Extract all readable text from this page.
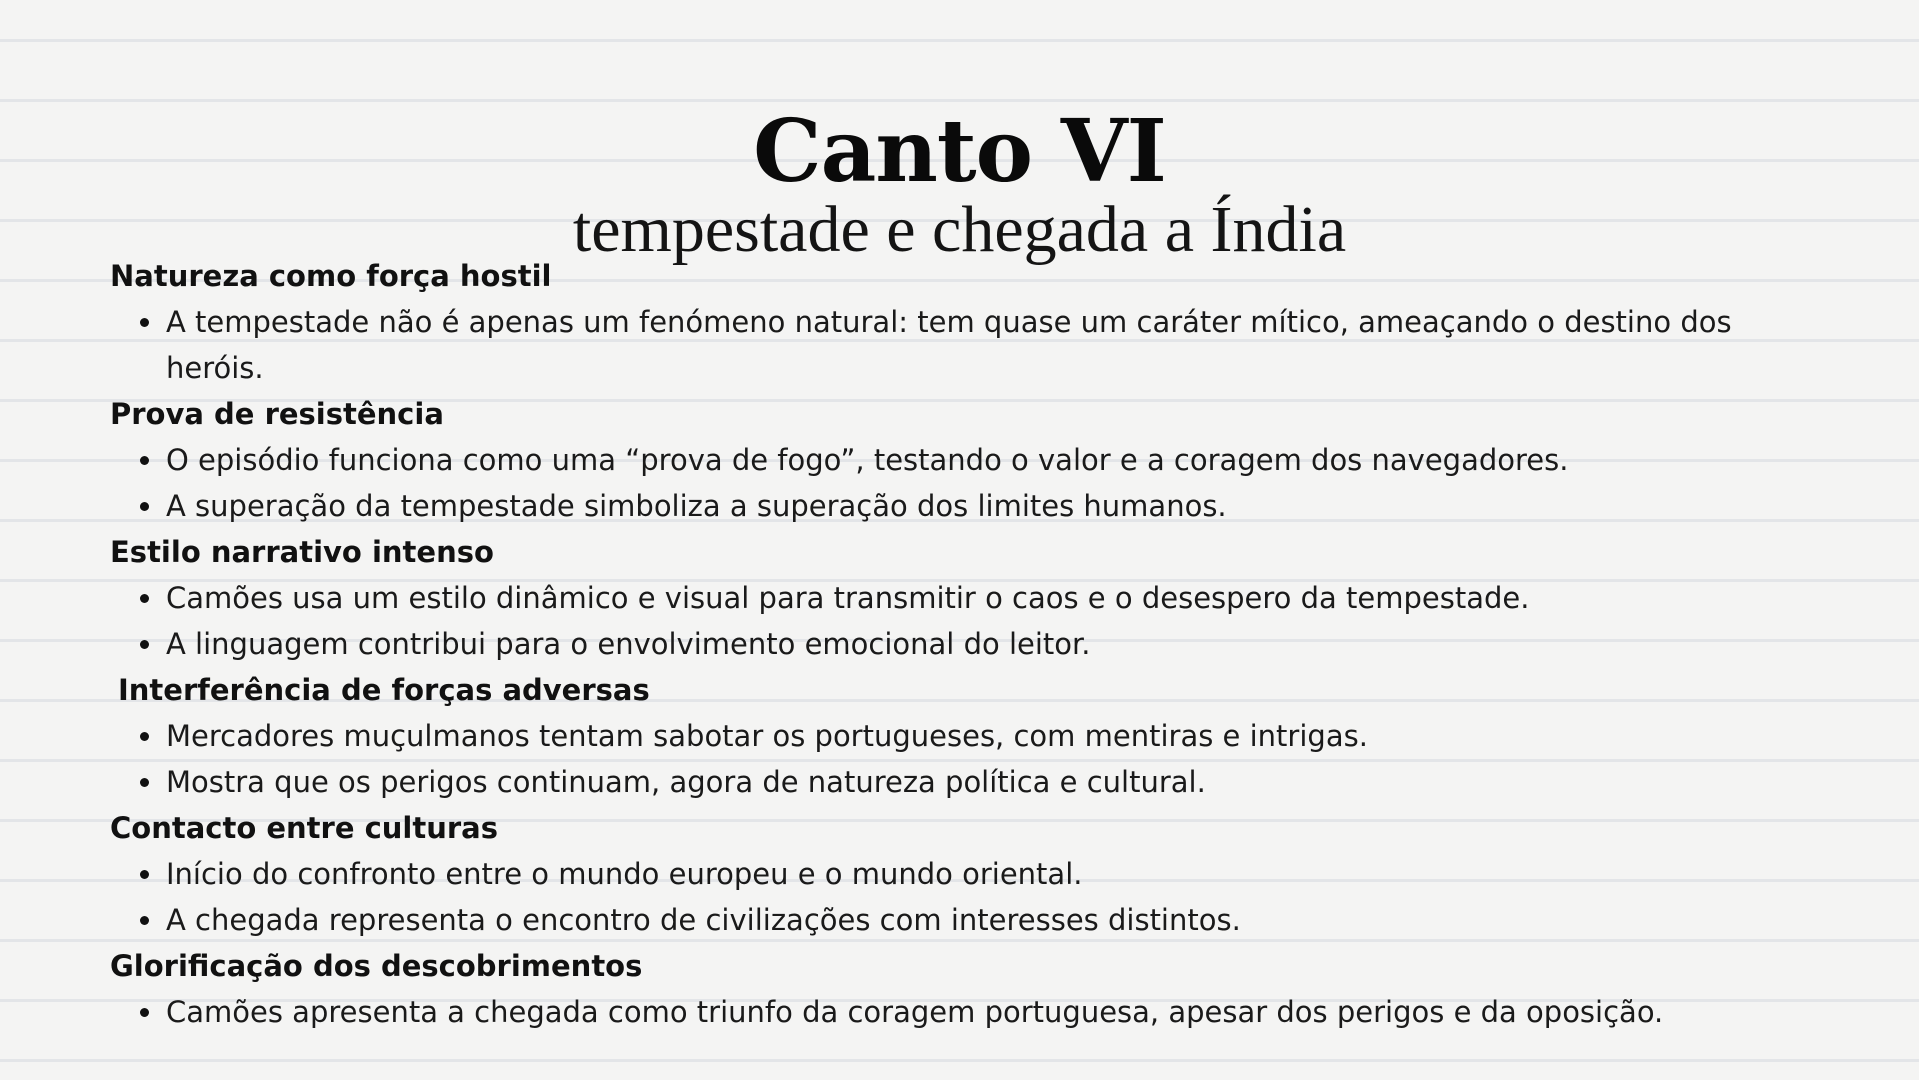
Canto VI
tempestade e chegada a Índia

Natureza como força hostil

A tempestade não é apenas um fenómeno natural: tem quase um caráter mítico, ameaçando o destino dos heróis.

Prova de resistência

O episódio funciona como uma “prova de fogo”, testando o valor e a coragem dos navegadores.
A superação da tempestade simboliza a superação dos limites humanos.

Estilo narrativo intenso

Camões usa um estilo dinâmico e visual para transmitir o caos e o desespero da tempestade.
A linguagem contribui para o envolvimento emocional do leitor.

Interferência de forças adversas

Mercadores muçulmanos tentam sabotar os portugueses, com mentiras e intrigas.
Mostra que os perigos continuam, agora de natureza política e cultural.

Contacto entre culturas

Início do confronto entre o mundo europeu e o mundo oriental.
A chegada representa o encontro de civilizações com interesses distintos.

Glorificação dos descobrimentos

Camões apresenta a chegada como triunfo da coragem portuguesa, apesar dos perigos e da oposição.
